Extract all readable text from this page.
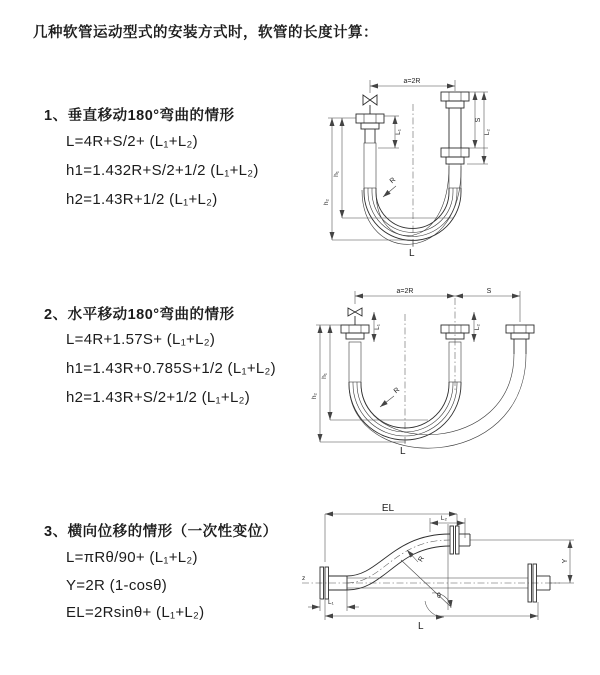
几种软管运动型式的安装方式时，软管的长度计算：
1、垂直移动180°弯曲的情形
L=4R+S/2+ (L₁+L₂)
h1=1.432R+S/2+1/2 (L₁+L₂)
h2=1.43R+1/2 (L₁+L₂)
2、水平移动180°弯曲的情形
L=4R+1.57S+ (L₁+L₂)
h1=1.43R+0.785S+1/2 (L₁+L₂)
h2=1.43R+S/2+1/2 (L₁+L₂)
3、横向位移的情形（一次性变位）
L=πRθ/90+ (L₁+L₂)
Y=2R (1-cosθ)
EL=2Rsinθ+ (L₁+L₂)
a=2R
L₁
S
L₂
h₁
h₂
R
L
a=2R	S
L₁	L₂
h₁
h₂
R
L
z
EL
L₂
θ
R	Y
L₁
L
